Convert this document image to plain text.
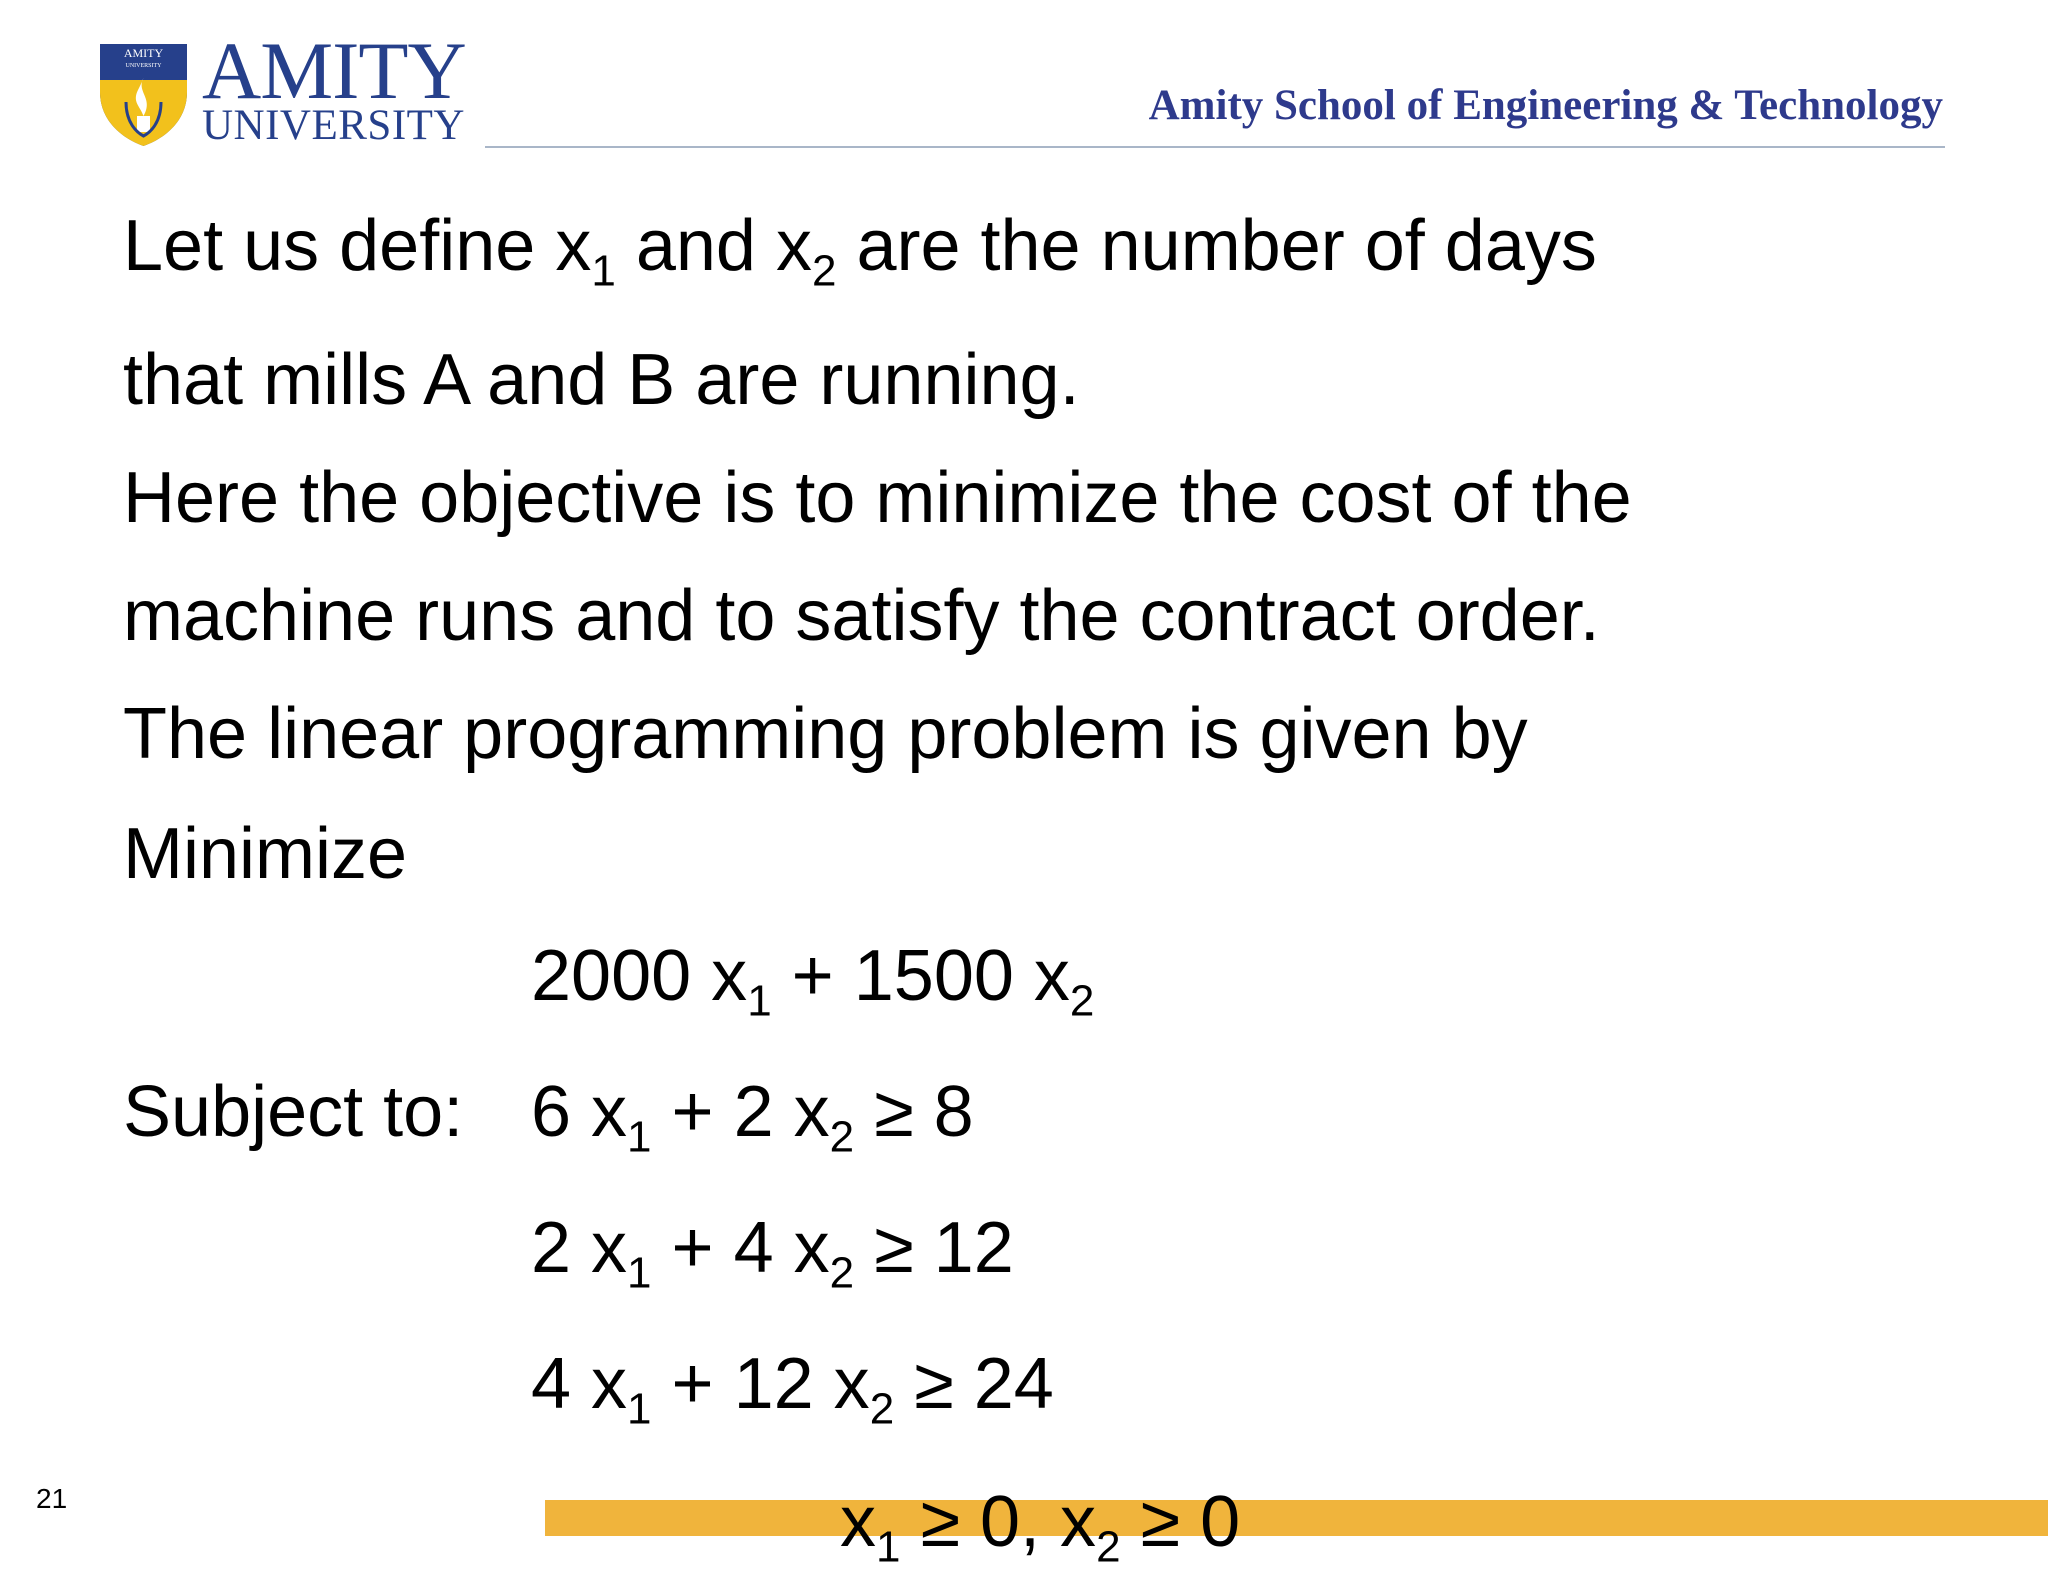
AMITY
UNIVERSITY AMITY
UNIVERSITY	Amity School of Engineering & Technology
Let us define $x_1$ and $x_2$ are the number of days
that mills A and B are running.
Here the objective is to minimize the cost of the
machine runs and to satisfy the contract order.
The linear programming problem is given by
Minimize
2000 $x_1 + 1500$ $x_2$
Subject to: 6 $x_1 + 2$ $x_2 \ge 8$
2 $x_1 + 4$ $x_2 \ge 12$
4 $x_1 + 12$ $x_2 \ge 24$
21	$x_1 \ge 0$, $x_2 \ge 0$
